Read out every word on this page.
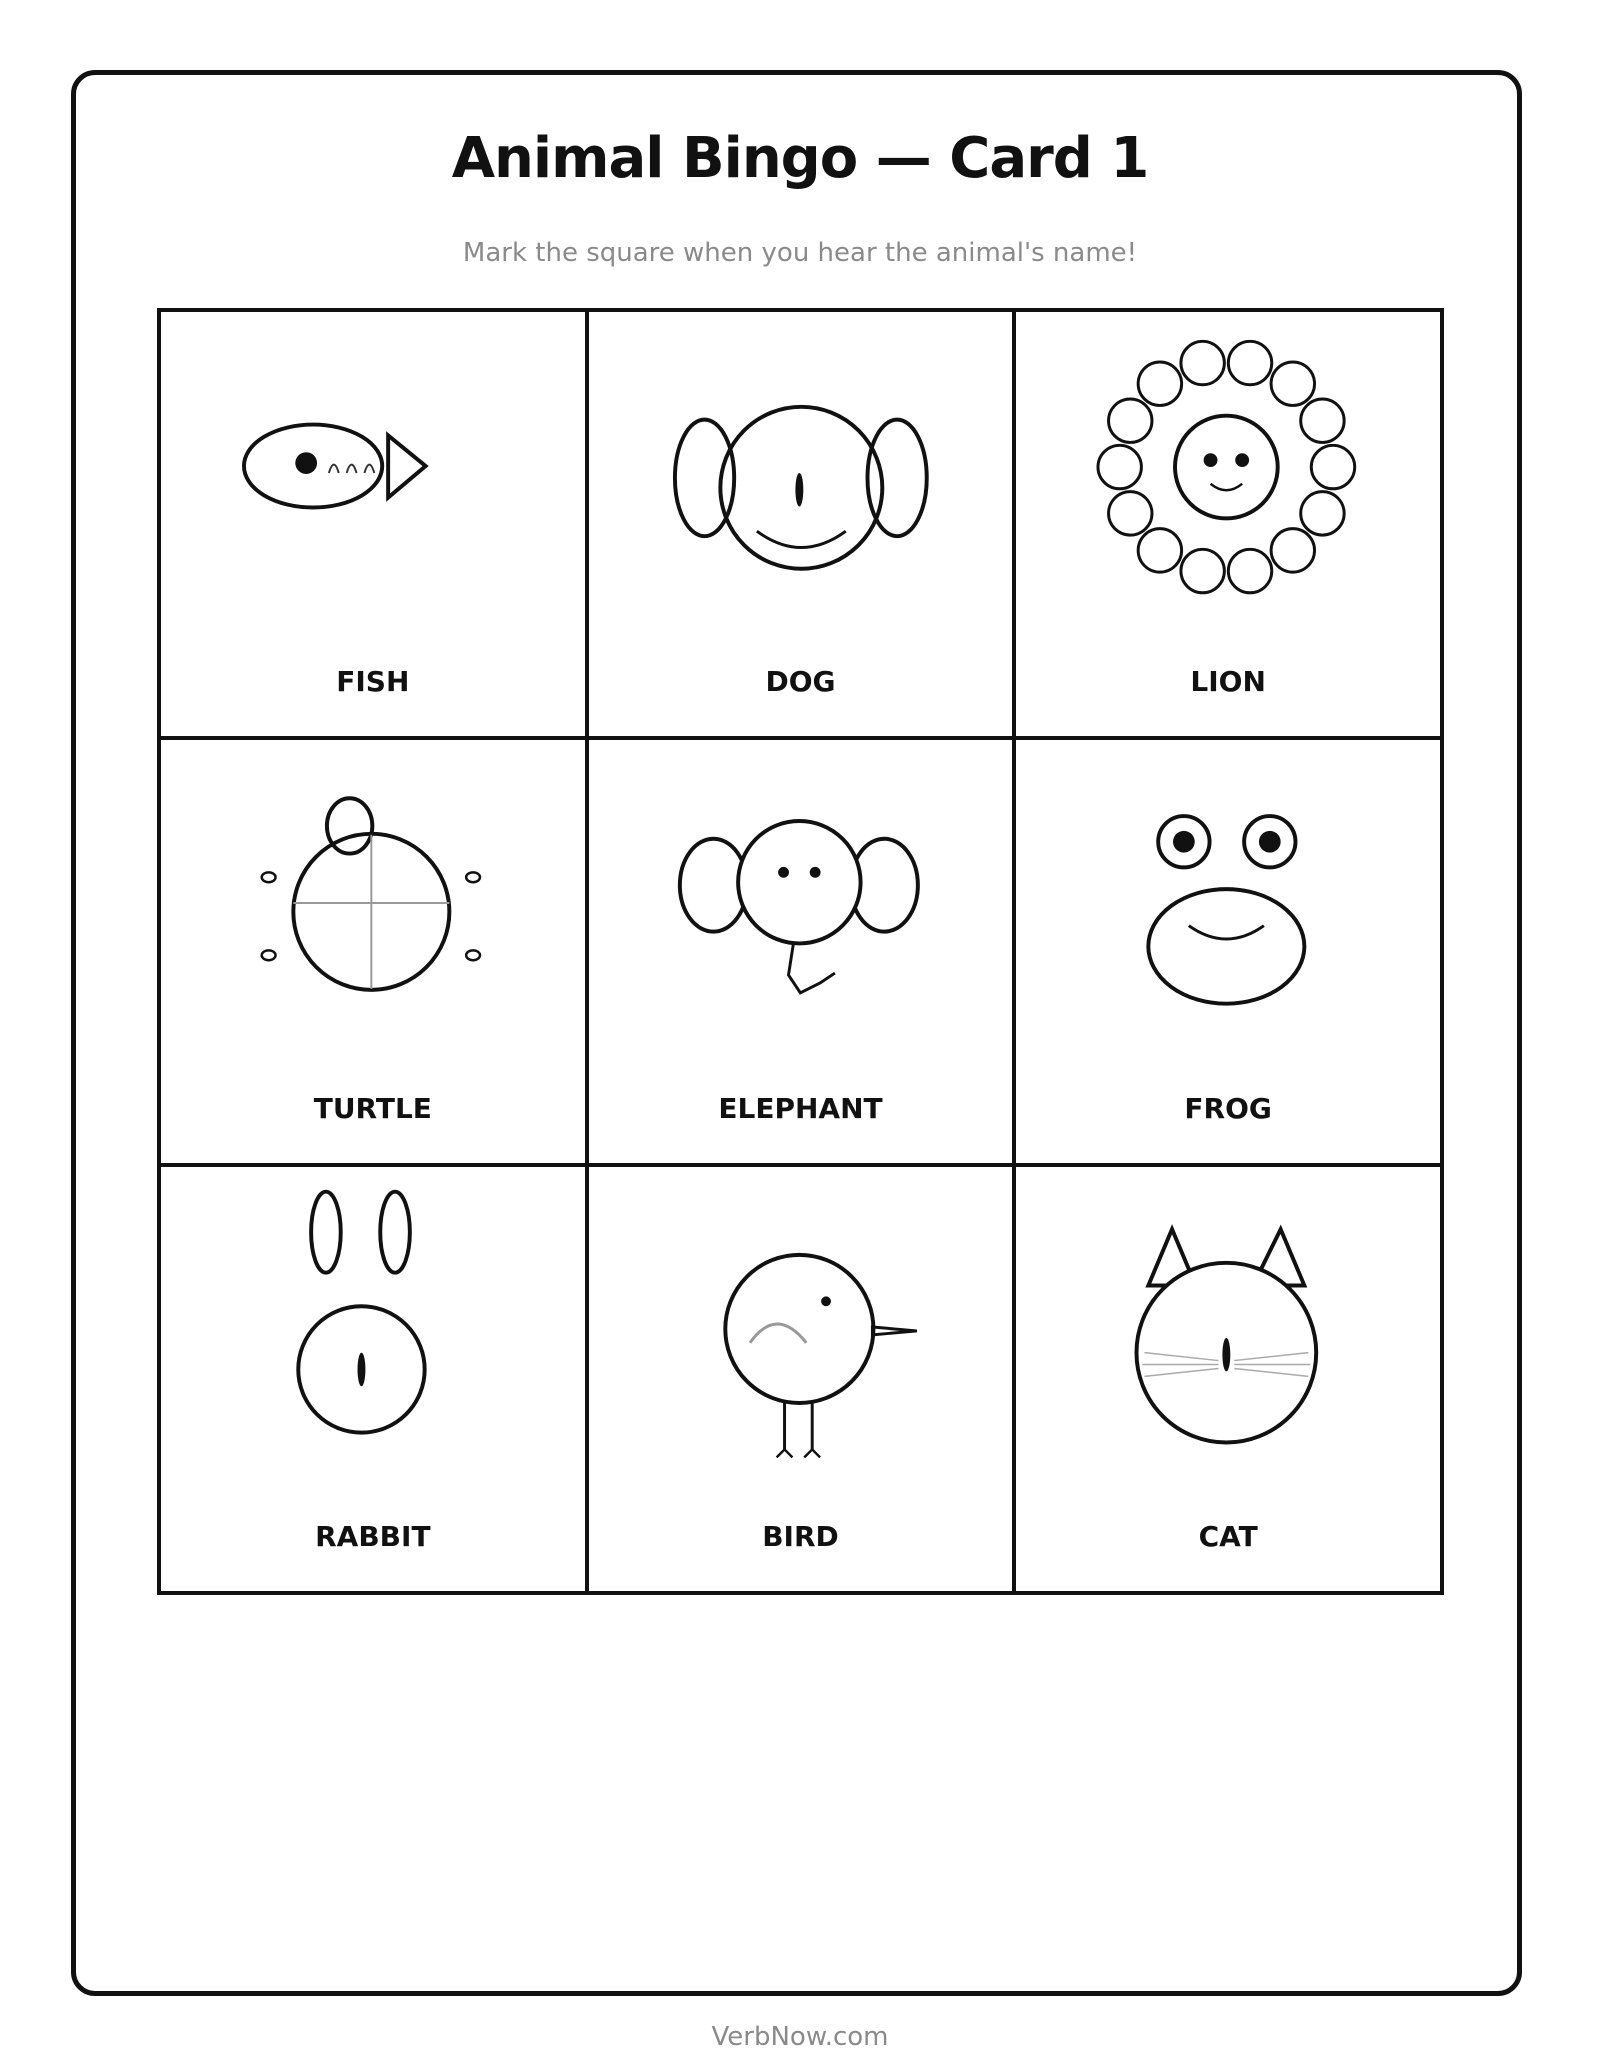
Animal Bingo — Card 1
Mark the square when you hear the animal's name!
FISH	DOG	LION
TURTLE	ELEPHANT	FROG
RABBIT	BIRD	CAT
VerbNow.com
